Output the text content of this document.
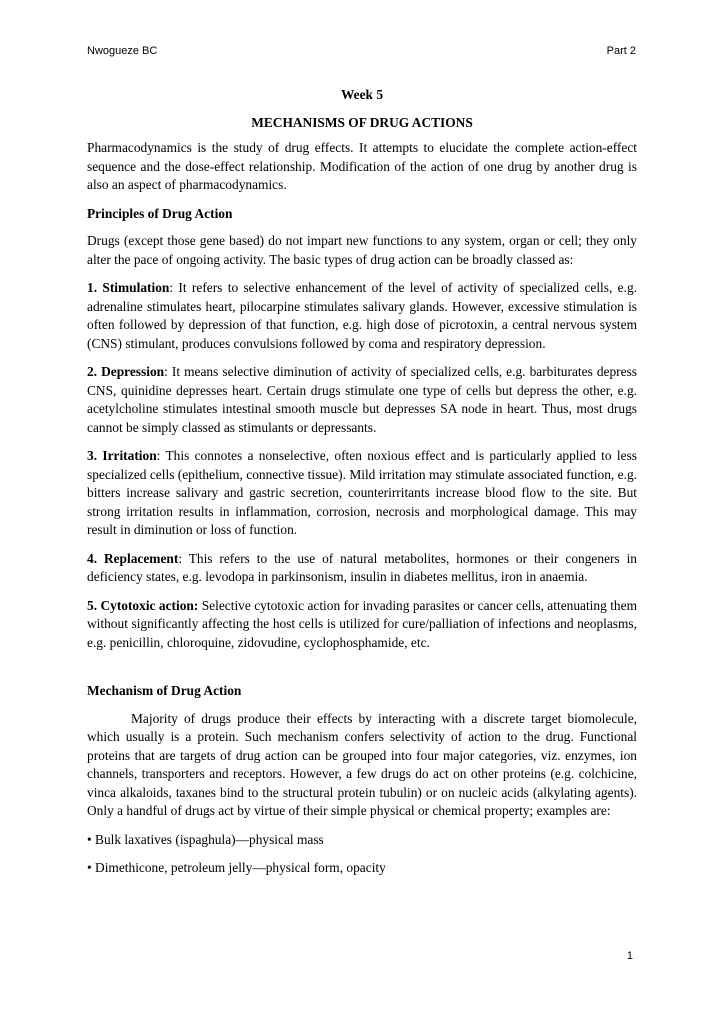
Nwogueze BC	Part 2
Week 5
MECHANISMS OF DRUG ACTIONS

Pharmacodynamics is the study of drug effects. It attempts to elucidate the complete action-effect sequence and the dose-effect relationship. Modification of the action of one drug by another drug is also an aspect of pharmacodynamics.

Principles of Drug Action

Drugs (except those gene based) do not impart new functions to any system, organ or cell; they only alter the pace of ongoing activity. The basic types of drug action can be broadly classed as:

1. Stimulation: It refers to selective enhancement of the level of activity of specialized cells, e.g. adrenaline stimulates heart, pilocarpine stimulates salivary glands. However, excessive stimulation is often followed by depression of that function, e.g. high dose of picrotoxin, a central nervous system (CNS) stimulant, produces convulsions followed by coma and respiratory depression.

2. Depression: It means selective diminution of activity of specialized cells, e.g. barbiturates depress CNS, quinidine depresses heart. Certain drugs stimulate one type of cells but depress the other, e.g. acetylcholine stimulates intestinal smooth muscle but depresses SA node in heart. Thus, most drugs cannot be simply classed as stimulants or depressants.

3. Irritation: This connotes a nonselective, often noxious effect and is particularly applied to less specialized cells (epithelium, connective tissue). Mild irritation may stimulate associated function, e.g. bitters increase salivary and gastric secretion, counterirritants increase blood flow to the site. But strong irritation results in inflammation, corrosion, necrosis and morphological damage. This may result in diminution or loss of function.

4. Replacement: This refers to the use of natural metabolites, hormones or their congeners in deficiency states, e.g. levodopa in parkinsonism, insulin in diabetes mellitus, iron in anaemia.

5. Cytotoxic action: Selective cytotoxic action for invading parasites or cancer cells, attenuating them without significantly affecting the host cells is utilized for cure/palliation of infections and neoplasms, e.g. penicillin, chloroquine, zidovudine, cyclophosphamide, etc.

Mechanism of Drug Action

Majority of drugs produce their effects by interacting with a discrete target biomolecule, which usually is a protein. Such mechanism confers selectivity of action to the drug. Functional proteins that are targets of drug action can be grouped into four major categories, viz. enzymes, ion channels, transporters and receptors. However, a few drugs do act on other proteins (e.g. colchicine, vinca alkaloids, taxanes bind to the structural protein tubulin) or on nucleic acids (alkylating agents). Only a handful of drugs act by virtue of their simple physical or chemical property; examples are:

• Bulk laxatives (ispaghula)—physical mass

• Dimethicone, petroleum jelly—physical form, opacity

1
